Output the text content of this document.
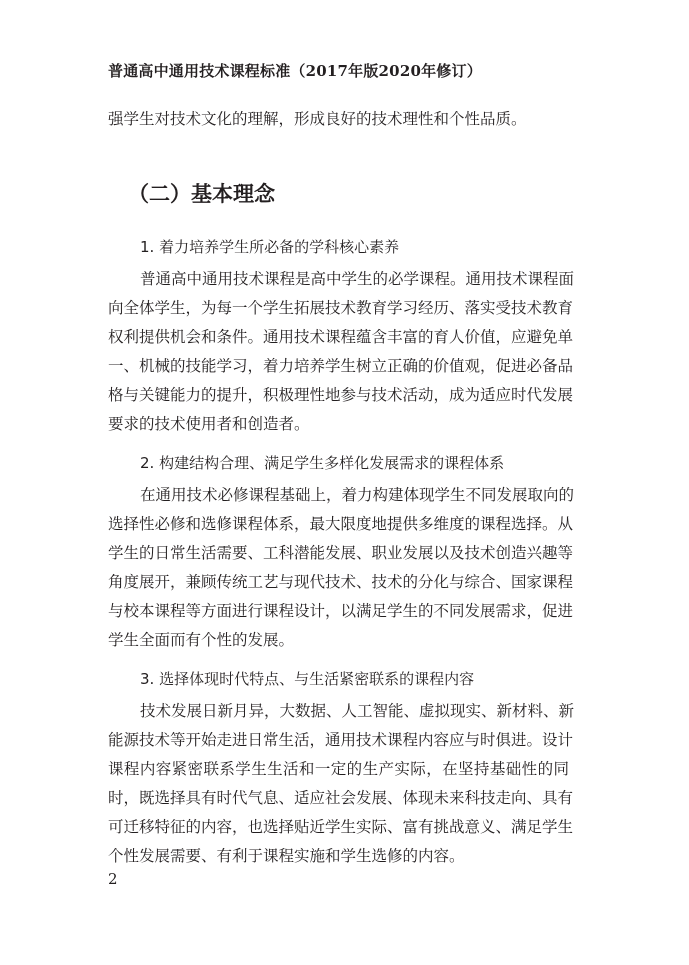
普通高中通用技术课程标准（2017年版2020年修订）
强学生对技术文化的理解，形成良好的技术理性和个性品质。
（二）基本理念
1. 着力培养学生所必备的学科核心素养
普通高中通用技术课程是高中学生的必学课程。通用技术课程面
向全体学生，为每一个学生拓展技术教育学习经历、落实受技术教育
权利提供机会和条件。通用技术课程蕴含丰富的育人价值，应避免单
一、机械的技能学习，着力培养学生树立正确的价值观，促进必备品
格与关键能力的提升，积极理性地参与技术活动，成为适应时代发展
要求的技术使用者和创造者。
2. 构建结构合理、满足学生多样化发展需求的课程体系
在通用技术必修课程基础上，着力构建体现学生不同发展取向的
选择性必修和选修课程体系，最大限度地提供多维度的课程选择。从
学生的日常生活需要、工科潜能发展、职业发展以及技术创造兴趣等
角度展开，兼顾传统工艺与现代技术、技术的分化与综合、国家课程
与校本课程等方面进行课程设计，以满足学生的不同发展需求，促进
学生全面而有个性的发展。
3. 选择体现时代特点、与生活紧密联系的课程内容
技术发展日新月异，大数据、人工智能、虚拟现实、新材料、新
能源技术等开始走进日常生活，通用技术课程内容应与时俱进。设计
课程内容紧密联系学生生活和一定的生产实际，在坚持基础性的同
时，既选择具有时代气息、适应社会发展、体现未来科技走向、具有
可迁移特征的内容，也选择贴近学生实际、富有挑战意义、满足学生
个性发展需要、有利于课程实施和学生选修的内容。
2
